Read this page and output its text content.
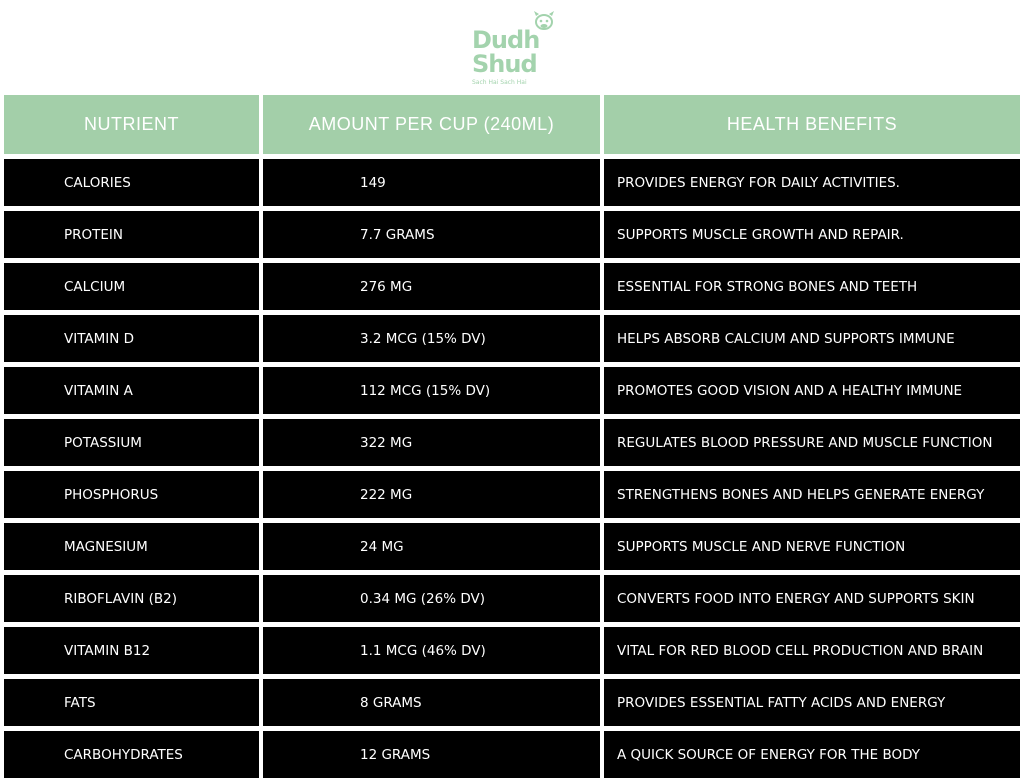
Dudh
Shud
Sach Hai Sach Hai
NUTRIENT	AMOUNT PER CUP (240ML)	HEALTH BENEFITS
CALORIES	149	PROVIDES ENERGY FOR DAILY ACTIVITIES.
PROTEIN	7.7 GRAMS	SUPPORTS MUSCLE GROWTH AND REPAIR.
CALCIUM	276 MG	ESSENTIAL FOR STRONG BONES AND TEETH
VITAMIN D	3.2 MCG (15% DV)	HELPS ABSORB CALCIUM AND SUPPORTS IMMUNE
VITAMIN A	112 MCG (15% DV)	PROMOTES GOOD VISION AND A HEALTHY IMMUNE
POTASSIUM	322 MG	REGULATES BLOOD PRESSURE AND MUSCLE FUNCTION
PHOSPHORUS	222 MG	STRENGTHENS BONES AND HELPS GENERATE ENERGY
MAGNESIUM	24 MG	SUPPORTS MUSCLE AND NERVE FUNCTION
RIBOFLAVIN (B2)	0.34 MG (26% DV)	CONVERTS FOOD INTO ENERGY AND SUPPORTS SKIN
VITAMIN B12	1.1 MCG (46% DV)	VITAL FOR RED BLOOD CELL PRODUCTION AND BRAIN
FATS	8 GRAMS	PROVIDES ESSENTIAL FATTY ACIDS AND ENERGY
CARBOHYDRATES	12 GRAMS	A QUICK SOURCE OF ENERGY FOR THE BODY
